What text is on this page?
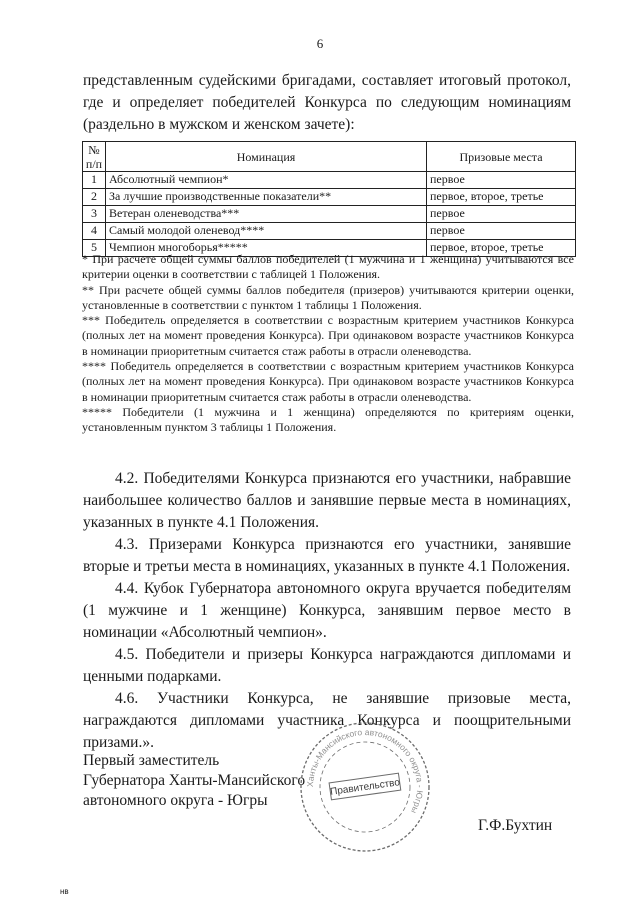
6
представленным судейскими бригадами, составляет итоговый протокол, где и определяет победителей Конкурса по следующим номинациям (раздельно в мужском и женском зачете):
№ п/п	Номинация	Призовые места
1	Абсолютный чемпион*	первое
2	За лучшие производственные показатели**	первое, второе, третье
3	Ветеран оленеводства***	первое
4	Самый молодой оленевод****	первое
5	Чемпион многоборья*****	первое, второе, третье

* При расчете общей суммы баллов победителей (1 мужчина и 1 женщина) учитываются все критерии оценки в соответствии с таблицей 1 Положения.

** При расчете общей суммы баллов победителя (призеров) учитываются критерии оценки, установленные в соответствии с пунктом 1 таблицы 1 Положения.

*** Победитель определяется в соответствии с возрастным критерием участников Конкурса (полных лет на момент проведения Конкурса). При одинаковом возрасте участников Конкурса в номинации приоритетным считается стаж работы в отрасли оленеводства.

**** Победитель определяется в соответствии с возрастным критерием участников Конкурса (полных лет на момент проведения Конкурса). При одинаковом возрасте участников Конкурса в номинации приоритетным считается стаж работы в отрасли оленеводства.

***** Победители (1 мужчина и 1 женщина) определяются по критериям оценки, установленным пунктом 3 таблицы 1 Положения.

4.2. Победителями Конкурса признаются его участники, набравшие наибольшее количество баллов и занявшие первые места в номинациях, указанных в пункте 4.1 Положения.

4.3. Призерами Конкурса признаются его участники, занявшие вторые и третьи места в номинациях, указанных в пункте 4.1 Положения.

4.4. Кубок Губернатора автономного округа вручается победителям (1 мужчине и 1 женщине) Конкурса, занявшим первое место в номинации «Абсолютный чемпион».

4.5. Победители и призеры Конкурса награждаются дипломами и ценными подарками.

4.6. Участники Конкурса, не занявшие призовые места, награждаются дипломами участника Конкурса и поощрительными призами.».

Первый заместитель
Губернатора Ханты-Мансийского
автономного округа - Югры
Ханты-Мансийского автономного округа - Югры
Правительство
Г.Ф.Бухтин
нв
